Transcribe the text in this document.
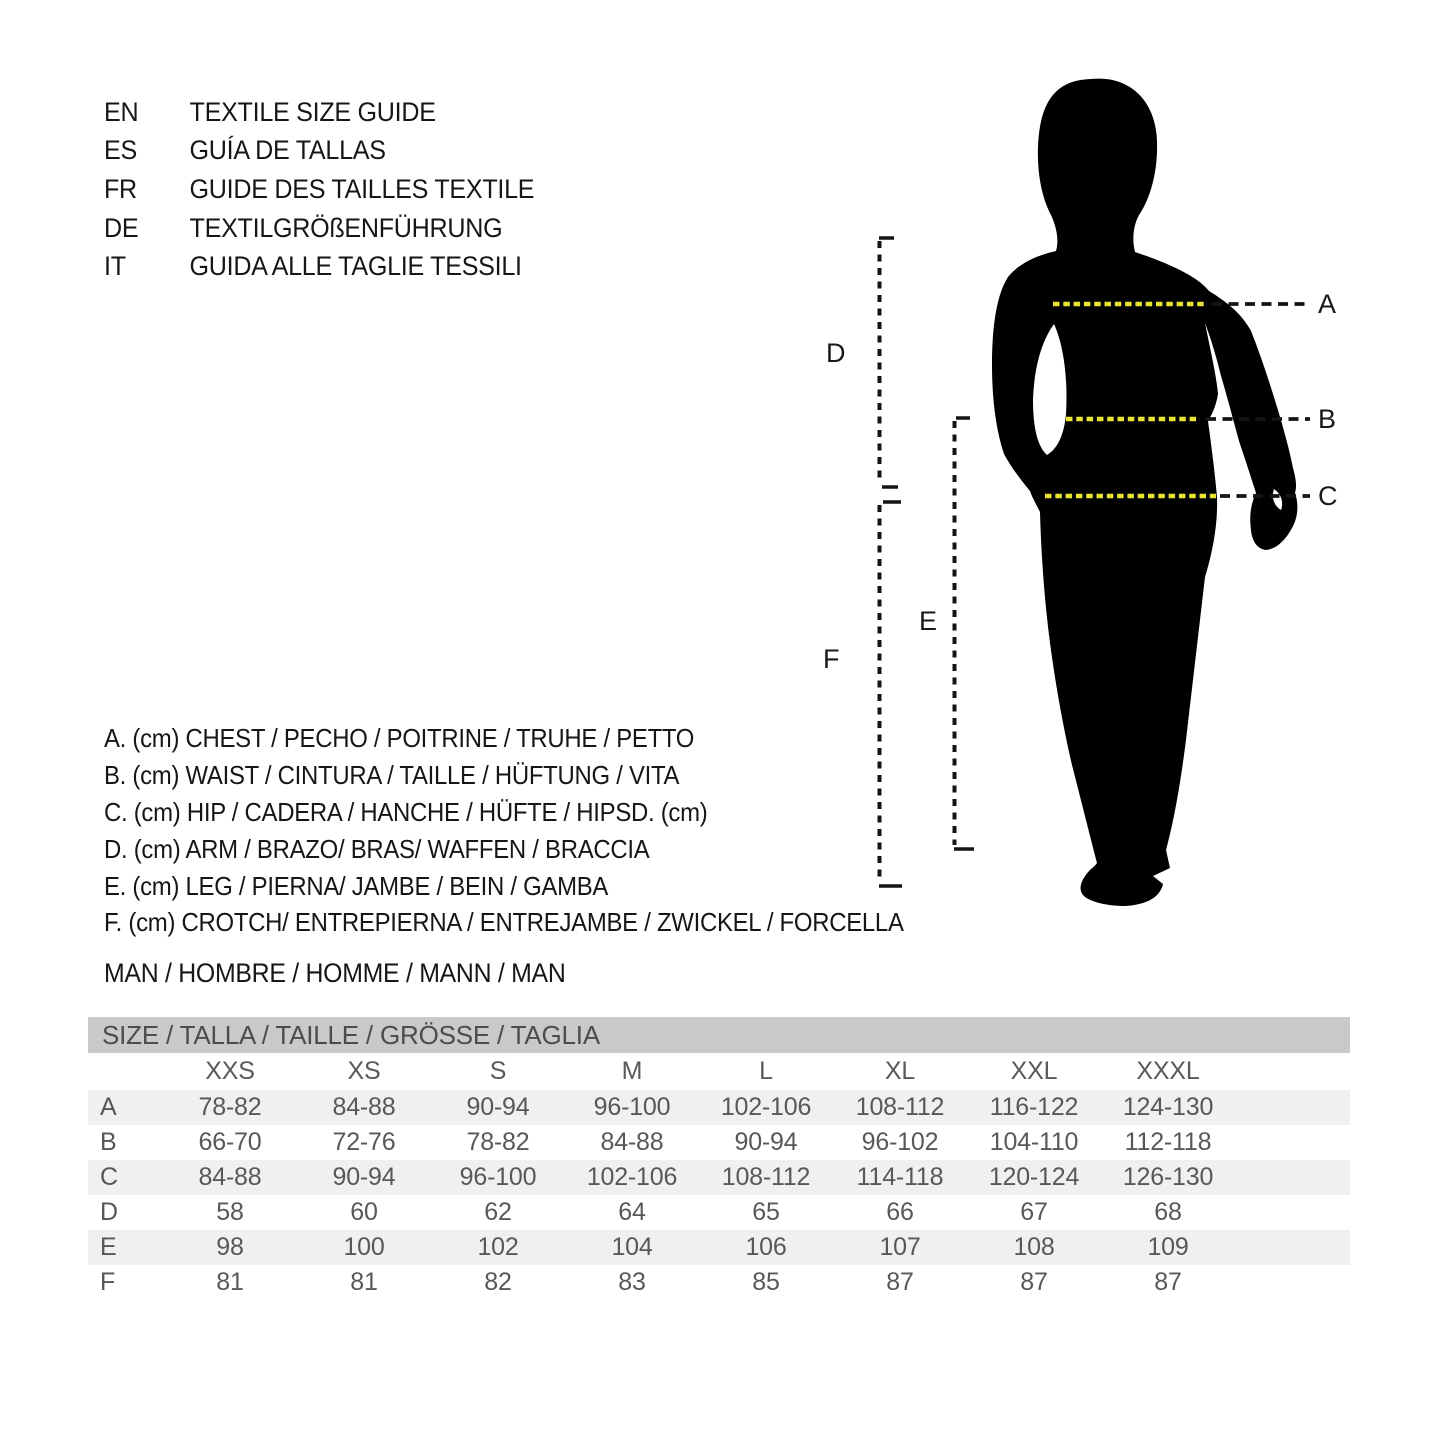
EN	TEXTILE SIZE GUIDE
ES	GUÍA DE TALLAS
FR	GUIDE DES TAILLES TEXTILE
DE	TEXTILGRÖßENFÜHRUNG
IT	GUIDA ALLE TAGLIE TESSILI
A
B
C
D
F
E
A. (cm) CHEST / PECHO / POITRINE / TRUHE / PETTO
B. (cm) WAIST / CINTURA / TAILLE / HÜFTUNG / VITA
C. (cm) HIP / CADERA / HANCHE / HÜFTE / HIPSD. (cm)
D. (cm) ARM / BRAZO/ BRAS/ WAFFEN / BRACCIA
E. (cm) LEG / PIERNA/ JAMBE / BEIN / GAMBA
F. (cm) CROTCH/ ENTREPIERNA / ENTREJAMBE / ZWICKEL / FORCELLA
MAN / HOMBRE / HOMME / MANN / MAN
SIZE / TALLA / TAILLE / GRÖSSE / TAGLIA									
	XXS	XS	S	M	L	XL	XXL	XXXL	
A	78-82	84-88	90-94	96-100	102-106	108-112	116-122	124-130	
B	66-70	72-76	78-82	84-88	90-94	96-102	104-110	112-118	
C	84-88	90-94	96-100	102-106	108-112	114-118	120-124	126-130	
D	58	60	62	64	65	66	67	68	
E	98	100	102	104	106	107	108	109	
F	81	81	82	83	85	87	87	87	
